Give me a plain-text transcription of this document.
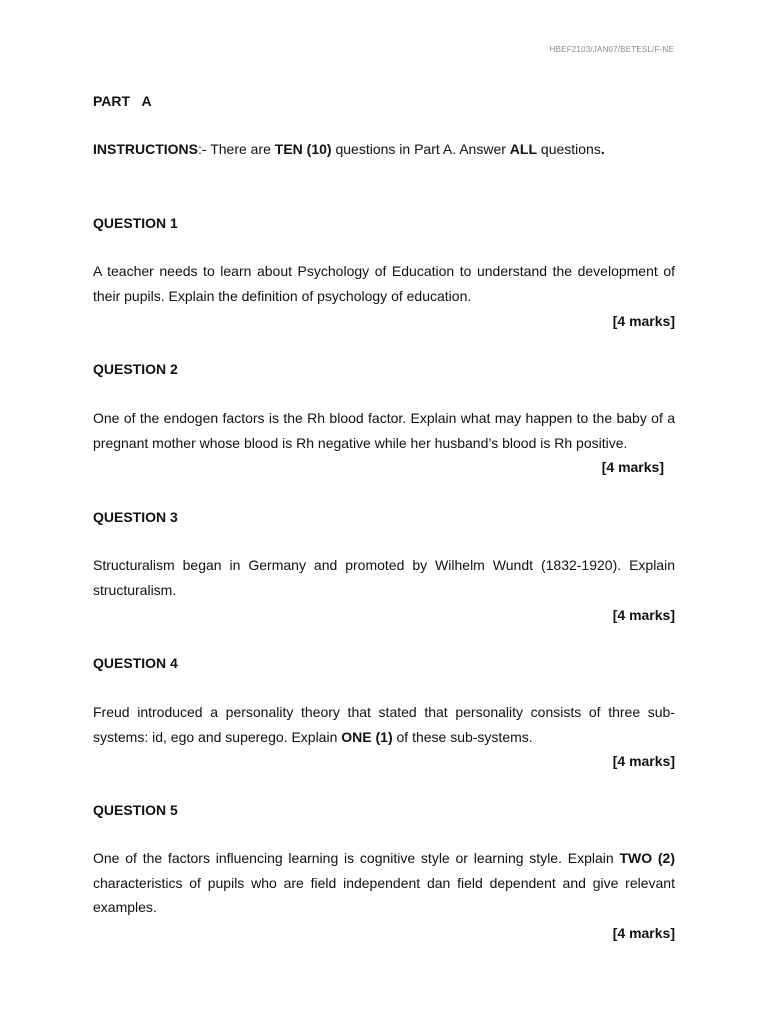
HBEF2103/JAN07/BETESL/F-NE
PART A
INSTRUCTIONS:- There are TEN (10) questions in Part A. Answer ALL questions.
QUESTION 1
A teacher needs to learn about Psychology of Education to understand the development of their pupils. Explain the definition of psychology of education.
[4 marks]
QUESTION 2
One of the endogen factors is the Rh blood factor. Explain what may happen to the baby of a pregnant mother whose blood is Rh negative while her husband’s blood is Rh positive.
[4 marks]
QUESTION 3
Structuralism began in Germany and promoted by Wilhelm Wundt (1832-1920). Explain structuralism.
[4 marks]
QUESTION 4
Freud introduced a personality theory that stated that personality consists of three sub-systems: id, ego and superego. Explain ONE (1) of these sub-systems.
[4 marks]
QUESTION 5
One of the factors influencing learning is cognitive style or learning style. Explain TWO (2) characteristics of pupils who are field independent dan field dependent and give relevant examples.
[4 marks]
